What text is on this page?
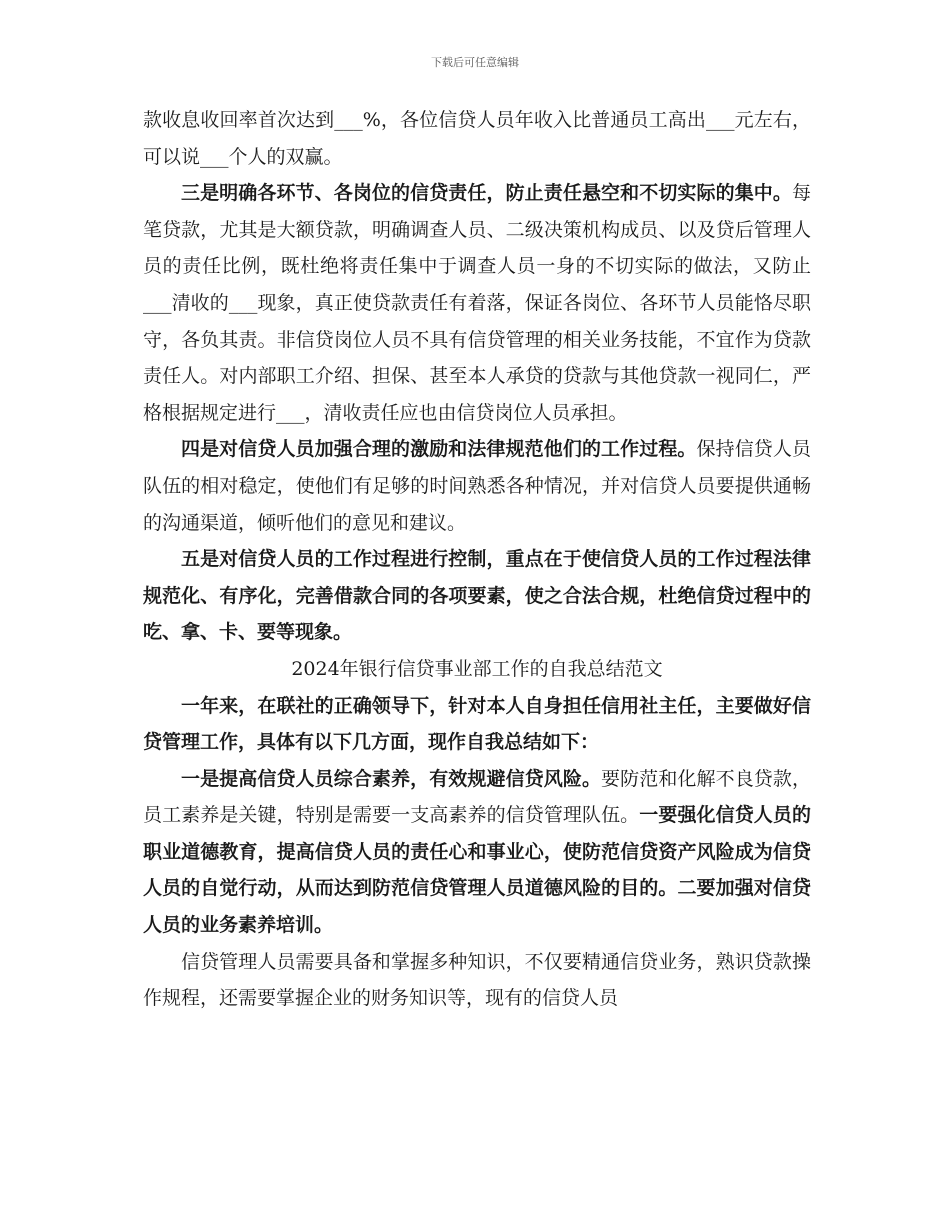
下载后可任意编辑

款收息收回率首次达到___%，各位信贷人员年收入比普通员工高出___元左右，可以说___个人的双赢。

三是明确各环节、各岗位的信贷责任，防止责任悬空和不切实际的集中。每笔贷款，尤其是大额贷款，明确调查人员、二级决策机构成员、以及贷后管理人员的责任比例，既杜绝将责任集中于调查人员一身的不切实际的做法，又防止___清收的___现象，真正使贷款责任有着落，保证各岗位、各环节人员能恪尽职守，各负其责。非信贷岗位人员不具有信贷管理的相关业务技能，不宜作为贷款责任人。对内部职工介绍、担保、甚至本人承贷的贷款与其他贷款一视同仁，严格根据规定进行___，清收责任应也由信贷岗位人员承担。

四是对信贷人员加强合理的激励和法律规范他们的工作过程。保持信贷人员队伍的相对稳定，使他们有足够的时间熟悉各种情况，并对信贷人员要提供通畅的沟通渠道，倾听他们的意见和建议。

五是对信贷人员的工作过程进行控制，重点在于使信贷人员的工作过程法律规范化、有序化，完善借款合同的各项要素，使之合法合规，杜绝信贷过程中的吃、拿、卡、要等现象。

2024年银行信贷事业部工作的自我总结范文

一年来，在联社的正确领导下，针对本人自身担任信用社主任，主要做好信贷管理工作，具体有以下几方面，现作自我总结如下：

一是提高信贷人员综合素养，有效规避信贷风险。要防范和化解不良贷款，员工素养是关键，特别是需要一支高素养的信贷管理队伍。一要强化信贷人员的职业道德教育，提高信贷人员的责任心和事业心，使防范信贷资产风险成为信贷人员的自觉行动，从而达到防范信贷管理人员道德风险的目的。二要加强对信贷人员的业务素养培训。

信贷管理人员需要具备和掌握多种知识，不仅要精通信贷业务，熟识贷款操作规程，还需要掌握企业的财务知识等，现有的信贷人员
